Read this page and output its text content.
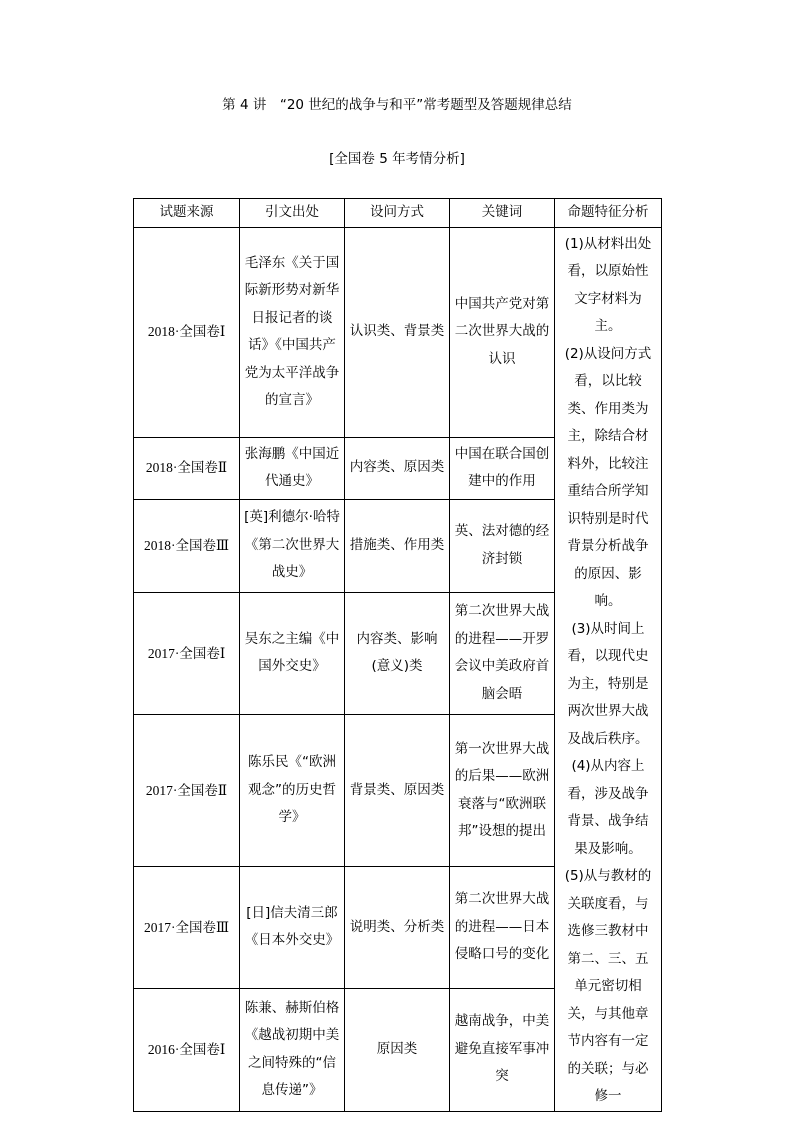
第 4 讲　“20 世纪的战争与和平”常考题型及答题规律总结
[全国卷 5 年考情分析]
试题来源	引文出处	设问方式	关键词	命题特征分析
2018·全国卷Ⅰ	毛泽东《关于国际新形势对新华日报记者的谈话》《中国共产党为太平洋战争的宣言》	认识类、背景类	中国共产党对第二次世界大战的认识	(1)从材料出处看，以原始性文字材料为主。

(2)从设问方式看，以比较类、作用类为主，除结合材料外，比较注重结合所学知识特别是时代背景分析战争的原因、影响。

(3)从时间上看，以现代史为主，特别是两次世界大战及战后秩序。

(4)从内容上看，涉及战争背景、战争结果及影响。

(5)从与教材的关联度看，与选修三教材中第二、三、五单元密切相关，与其他章节内容有一定的关联；与必修一

2018·全国卷Ⅱ	张海鹏《中国近代通史》	内容类、原因类	中国在联合国创建中的作用	
2018·全国卷Ⅲ	[英]利德尔·哈特《第二次世界大战史》	措施类、作用类	英、法对德的经济封锁	
2017·全国卷Ⅰ	吴东之主编《中国外交史》	内容类、影响(意义)类	第二次世界大战的进程——开罗会议中美政府首脑会晤	
2017·全国卷Ⅱ	陈乐民《“欧洲观念”的历史哲学》	背景类、原因类	第一次世界大战的后果——欧洲衰落与“欧洲联邦”设想的提出	
2017·全国卷Ⅲ	[日]信夫清三郎《日本外交史》	说明类、分析类	第二次世界大战的进程——日本侵略口号的变化	
2016·全国卷Ⅰ	陈兼、赫斯伯格《越战初期中美之间特殊的“信息传递”》	原因类	越南战争，中美避免直接军事冲突	
